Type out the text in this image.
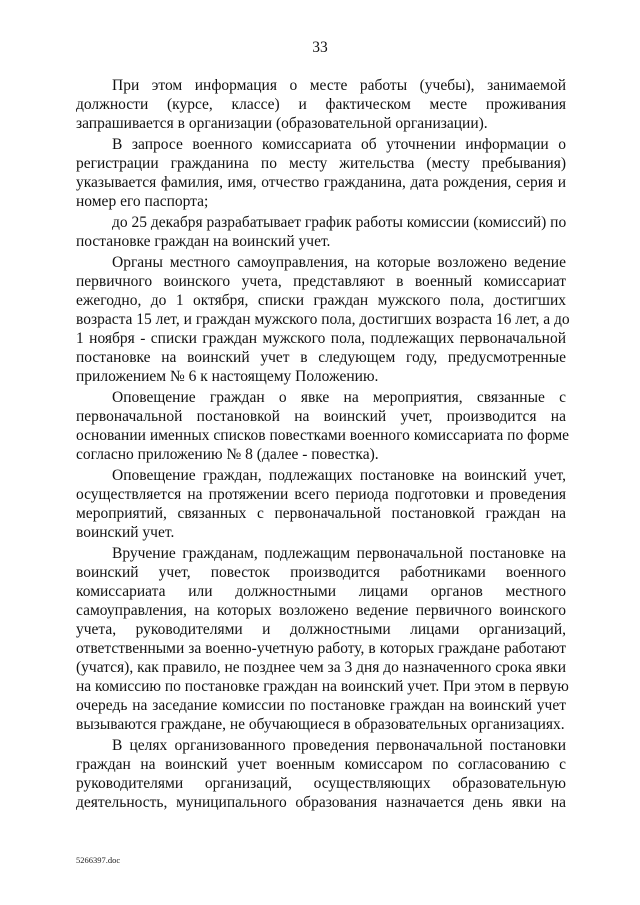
33
При этом информация о месте работы (учебы), занимаемой
должности (курсе, классе) и фактическом месте проживания
запрашивается в организации (образовательной организации).
В запросе военного комиссариата об уточнении информации о
регистрации гражданина по месту жительства (месту пребывания)
указывается фамилия, имя, отчество гражданина, дата рождения, серия и
номер его паспорта;
до 25 декабря разрабатывает график работы комиссии (комиссий) по
постановке граждан на воинский учет.
Органы местного самоуправления, на которые возложено ведение
первичного воинского учета, представляют в военный комиссариат
ежегодно, до 1 октября, списки граждан мужского пола, достигших
возраста 15 лет, и граждан мужского пола, достигших возраста 16 лет, а до
1 ноября - списки граждан мужского пола, подлежащих первоначальной
постановке на воинский учет в следующем году, предусмотренные
приложением № 6 к настоящему Положению.
Оповещение граждан о явке на мероприятия, связанные с
первоначальной постановкой на воинский учет, производится на
основании именных списков повестками военного комиссариата по форме
согласно приложению № 8 (далее - повестка).
Оповещение граждан, подлежащих постановке на воинский учет,
осуществляется на протяжении всего периода подготовки и проведения
мероприятий, связанных с первоначальной постановкой граждан на
воинский учет.
Вручение гражданам, подлежащим первоначальной постановке на
воинский учет, повесток производится работниками военного
комиссариата или должностными лицами органов местного
самоуправления, на которых возложено ведение первичного воинского
учета, руководителями и должностными лицами организаций,
ответственными за военно-учетную работу, в которых граждане работают
(учатся), как правило, не позднее чем за 3 дня до назначенного срока явки
на комиссию по постановке граждан на воинский учет. При этом в первую
очередь на заседание комиссии по постановке граждан на воинский учет
вызываются граждане, не обучающиеся в образовательных организациях.
В целях организованного проведения первоначальной постановки
граждан на воинский учет военным комиссаром по согласованию с
руководителями организаций, осуществляющих образовательную
деятельность, муниципального образования назначается день явки на
5266397.doc
